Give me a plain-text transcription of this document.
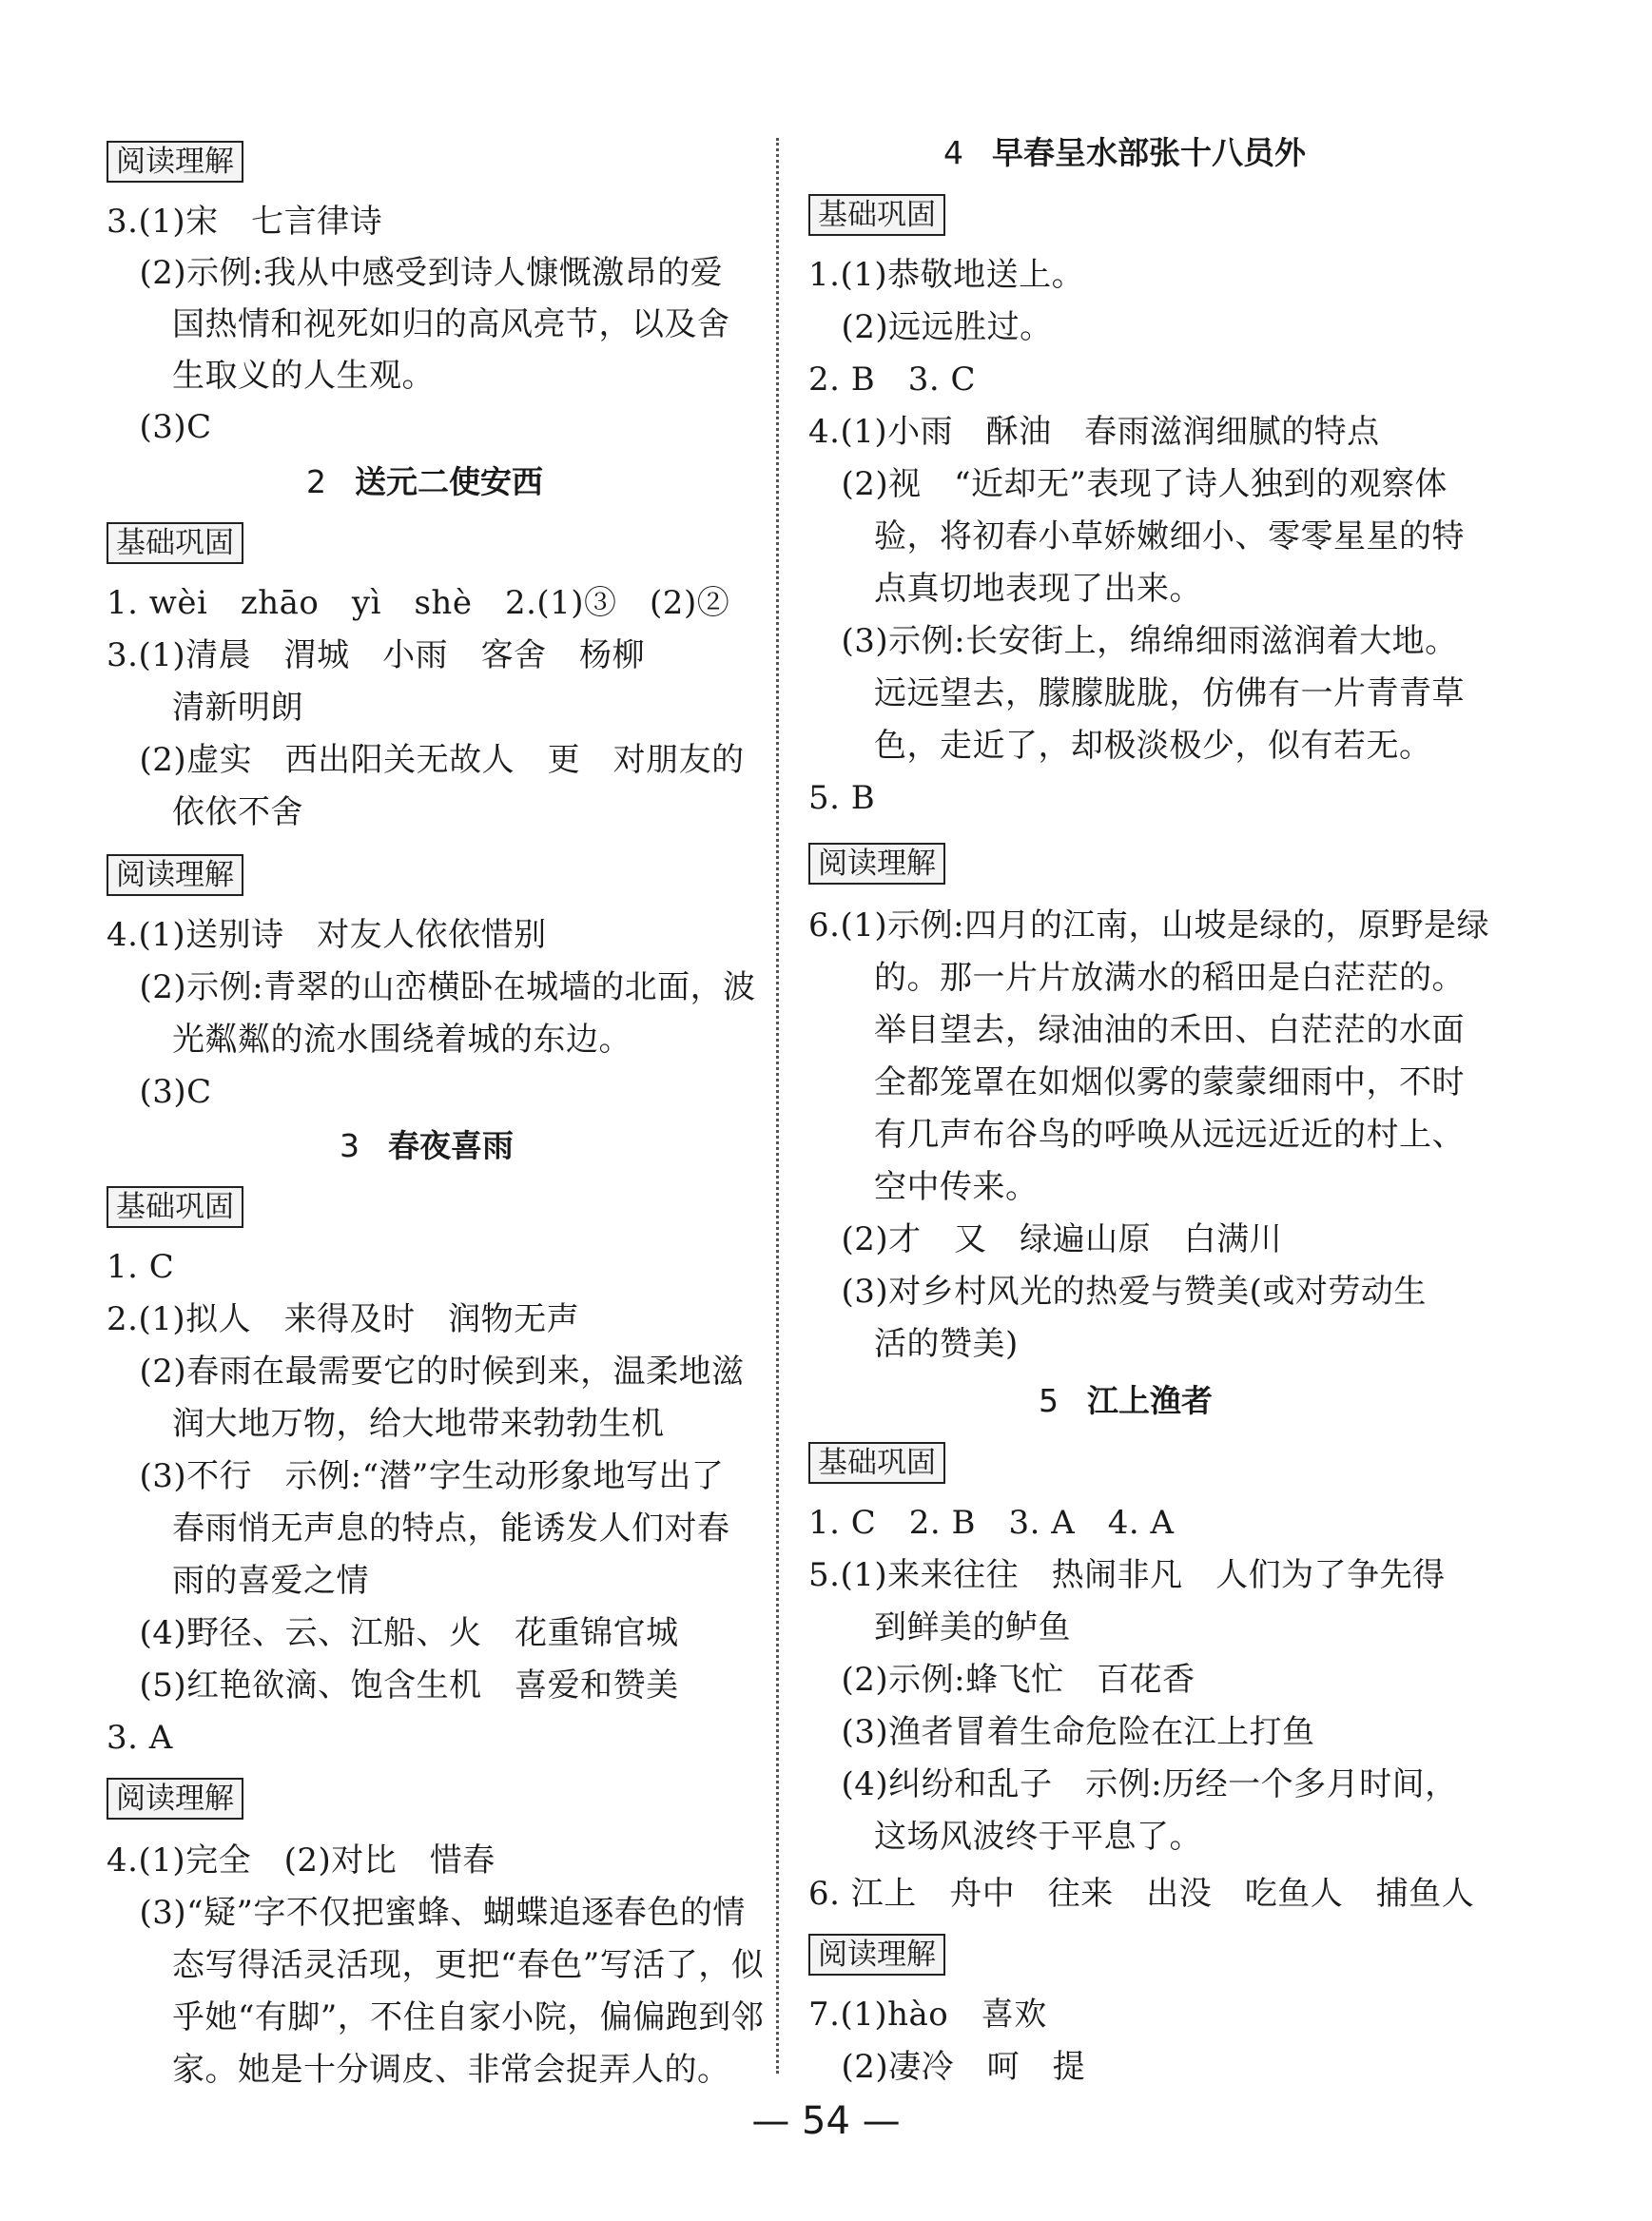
阅读理解
3.(1)宋　七言律诗
　(2)示例:我从中感受到诗人慷慨激昂的爱
　　国热情和视死如归的高风亮节，以及舍
　　生取义的人生观。
　(3)C
2 送元二使安西
基础巩固
1. wèi　zhāo　yì　shè　2.(1)③　(2)②
3.(1)清晨　渭城　小雨　客舍　杨柳
　　清新明朗
　(2)虚实　西出阳关无故人　更　对朋友的
　　依依不舍
阅读理解
4.(1)送别诗　对友人依依惜别
　(2)示例:青翠的山峦横卧在城墙的北面，波
　　光粼粼的流水围绕着城的东边。
　(3)C
3 春夜喜雨
基础巩固
1. C
2.(1)拟人　来得及时　润物无声
　(2)春雨在最需要它的时候到来，温柔地滋
　　润大地万物，给大地带来勃勃生机
　(3)不行　示例:“潜”字生动形象地写出了
　　春雨悄无声息的特点，能诱发人们对春
　　雨的喜爱之情
　(4)野径、云、江船、火　花重锦官城
　(5)红艳欲滴、饱含生机　喜爱和赞美
3. A
阅读理解
4.(1)完全　(2)对比　惜春
　(3)“疑”字不仅把蜜蜂、蝴蝶追逐春色的情
　　态写得活灵活现，更把“春色”写活了，似
　　乎她“有脚”，不住自家小院，偏偏跑到邻
　　家。她是十分调皮、非常会捉弄人的。
4 早春呈水部张十八员外
基础巩固
1.(1)恭敬地送上。
　(2)远远胜过。
2. B　3. C
4.(1)小雨　酥油　春雨滋润细腻的特点
　(2)视　“近却无”表现了诗人独到的观察体
　　验，将初春小草娇嫩细小、零零星星的特
　　点真切地表现了出来。
　(3)示例:长安街上，绵绵细雨滋润着大地。
　　远远望去，朦朦胧胧，仿佛有一片青青草
　　色，走近了，却极淡极少，似有若无。
5. B
阅读理解
6.(1)示例:四月的江南，山坡是绿的，原野是绿
　　的。那一片片放满水的稻田是白茫茫的。
　　举目望去，绿油油的禾田、白茫茫的水面
　　全都笼罩在如烟似雾的蒙蒙细雨中，不时
　　有几声布谷鸟的呼唤从远远近近的村上、
　　空中传来。
　(2)才　又　绿遍山原　白满川
　(3)对乡村风光的热爱与赞美(或对劳动生
　　活的赞美)
5 江上渔者
基础巩固
1. C　2. B　3. A　4. A
5.(1)来来往往　热闹非凡　人们为了争先得
　　到鲜美的鲈鱼
　(2)示例:蜂飞忙　百花香
　(3)渔者冒着生命危险在江上打鱼
　(4)纠纷和乱子　示例:历经一个多月时间，
　　这场风波终于平息了。
6. 江上　舟中　往来　出没　吃鱼人　捕鱼人
阅读理解
7.(1)hào　喜欢
　(2)凄冷　呵　提
— 54 —
